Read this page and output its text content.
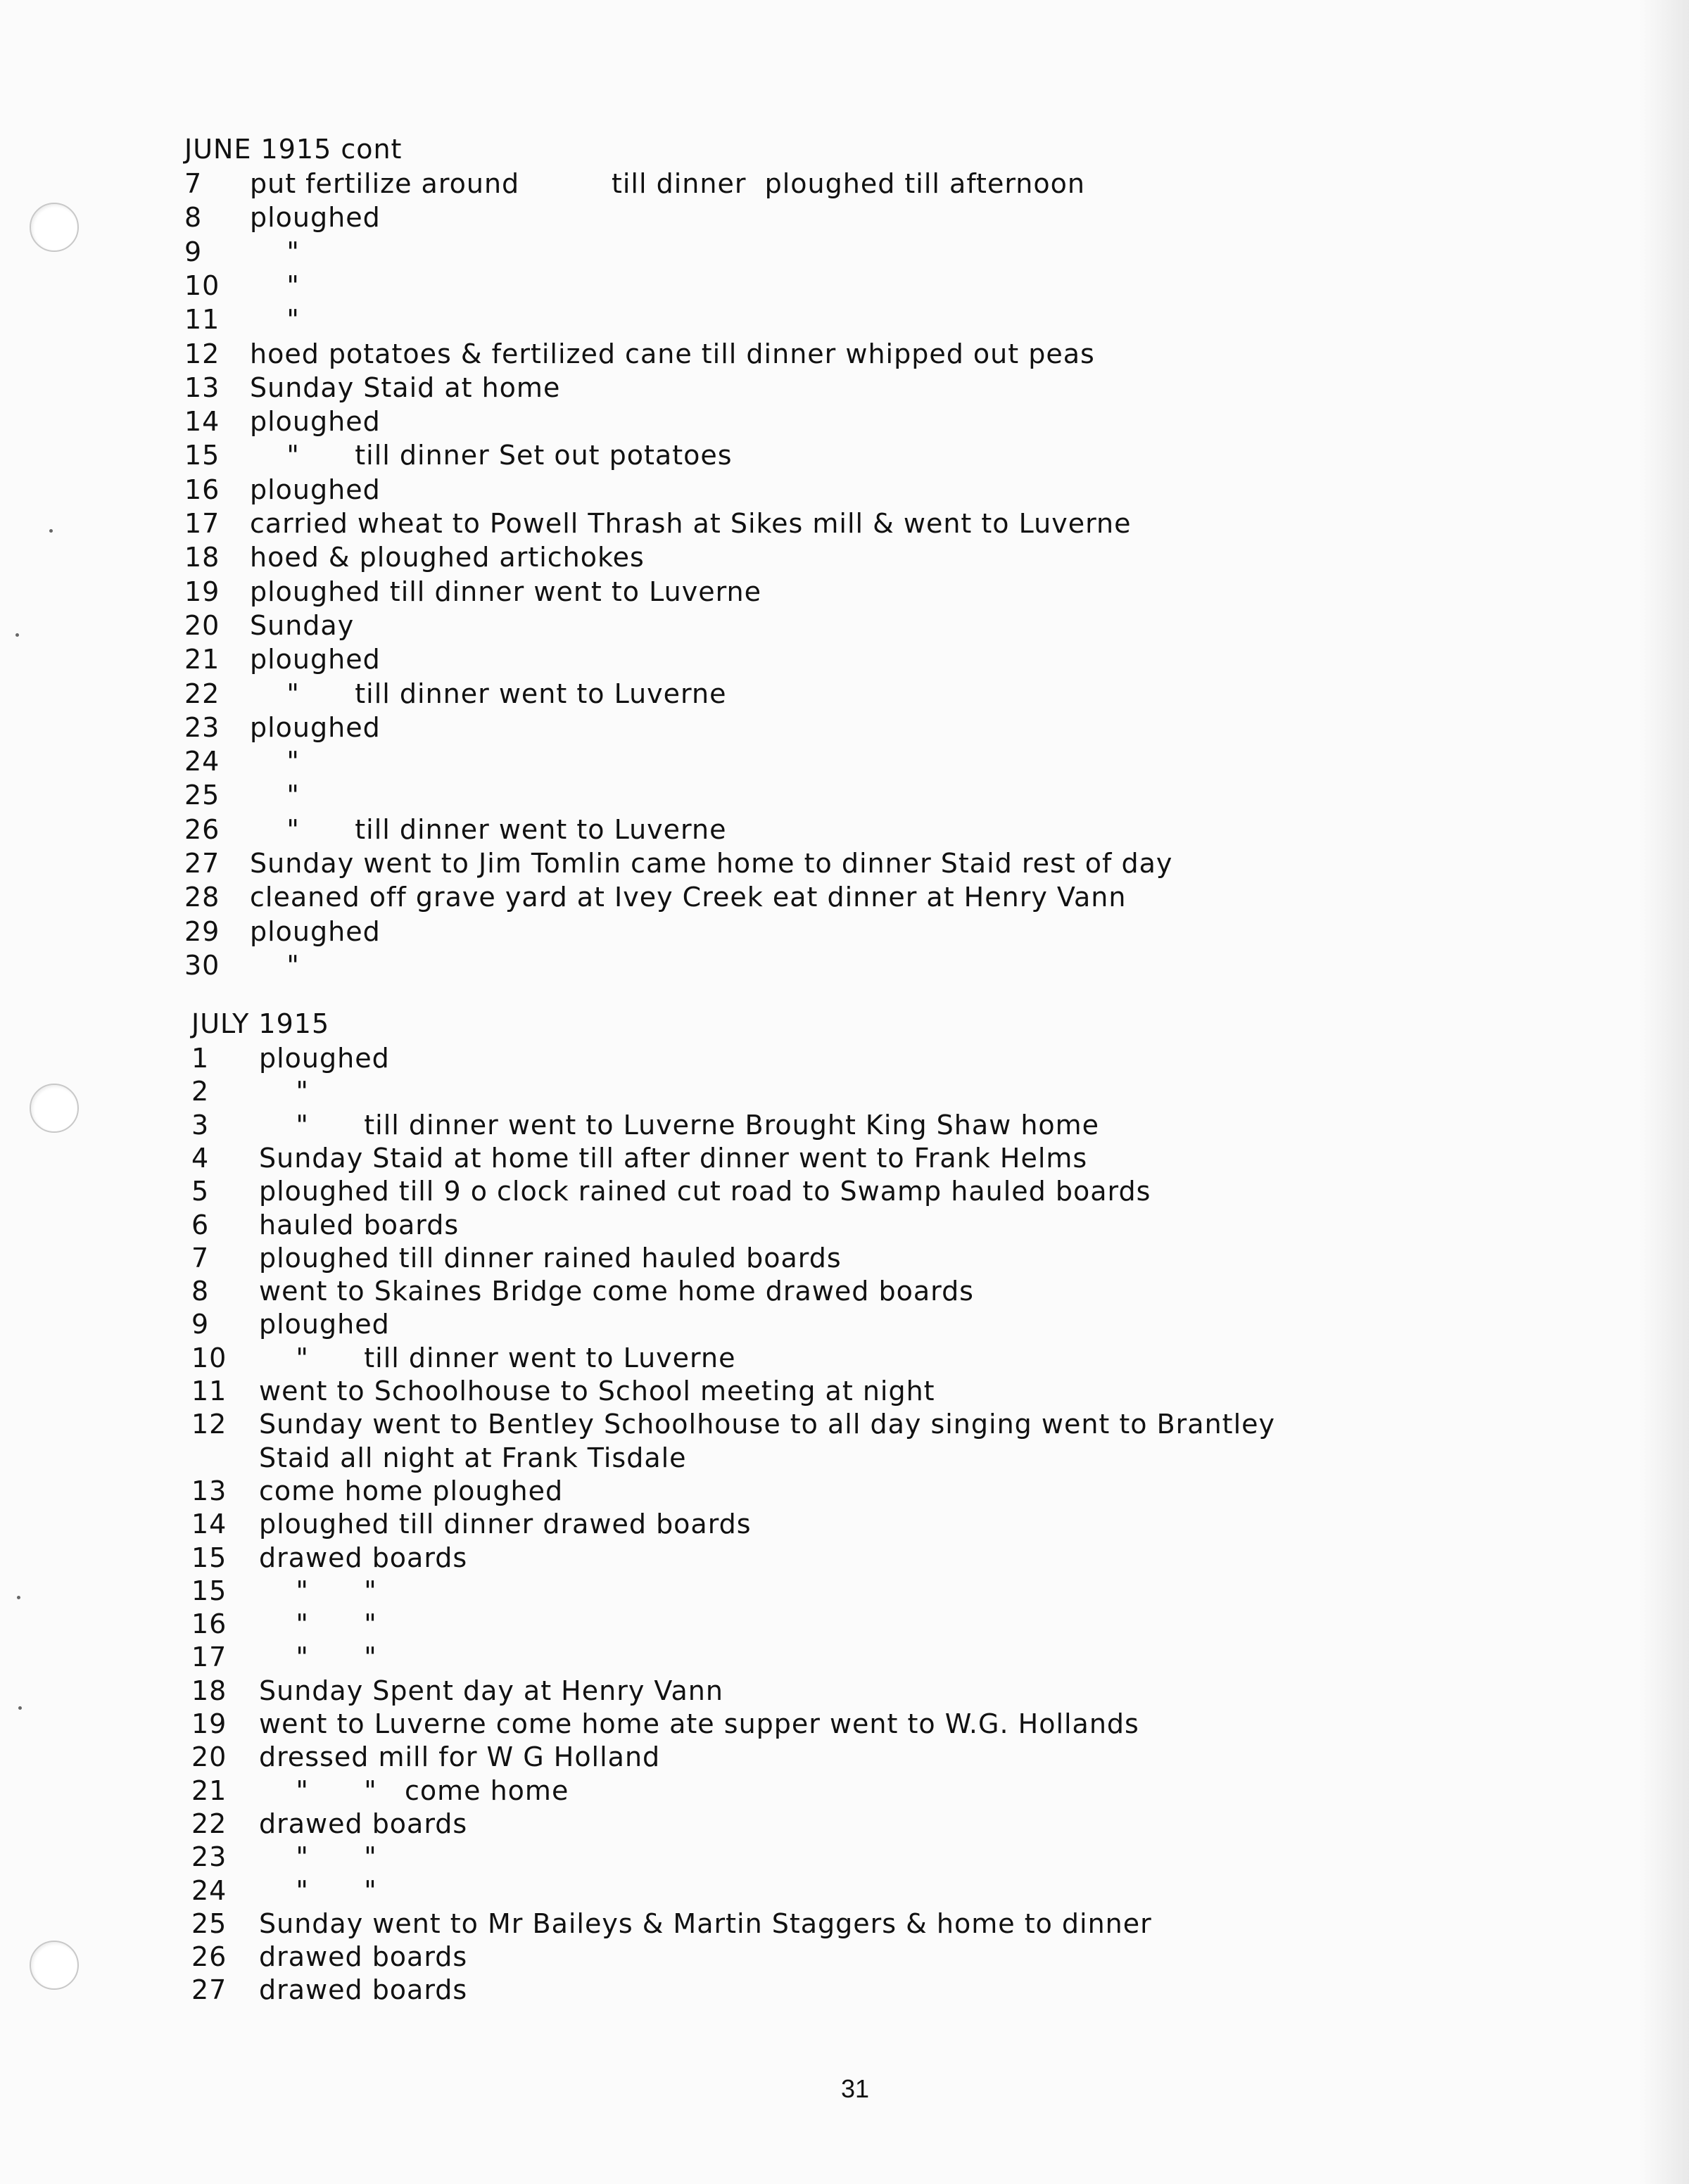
JUNE 1915 cont
7 put fertilize around          till dinner  ploughed till afternoon
8 ploughed
9 "
10 "
11 "
12 hoed potatoes & fertilized cane till dinner whipped out peas
13 Sunday Staid at home
14 ploughed
15 "      till dinner Set out potatoes
16 ploughed
17 carried wheat to Powell Thrash at Sikes mill & went to Luverne
18 hoed & ploughed artichokes
19 ploughed till dinner went to Luverne
20 Sunday
21 ploughed
22 "      till dinner went to Luverne
23 ploughed
24 "
25 "
26 "      till dinner went to Luverne
27 Sunday went to Jim Tomlin came home to dinner Staid rest of day
28 cleaned off grave yard at Ivey Creek eat dinner at Henry Vann
29 ploughed
30 "
JULY 1915
1 ploughed
2 "
3 "      till dinner went to Luverne Brought King Shaw home
4 Sunday Staid at home till after dinner went to Frank Helms
5 ploughed till 9 o clock rained cut road to Swamp hauled boards
6 hauled boards
7 ploughed till dinner rained hauled boards
8 went to Skaines Bridge come home drawed boards
9 ploughed
10 "      till dinner went to Luverne
11 went to Schoolhouse to School meeting at night
12 Sunday went to Bentley Schoolhouse to all day singing went to Brantley
Staid all night at Frank Tisdale
13 come home ploughed
14 ploughed till dinner drawed boards
15 drawed boards
15 "      "
16 "      "
17 "      "
18 Sunday Spent day at Henry Vann
19 went to Luverne come home ate supper went to W.G. Hollands
20 dressed mill for W G Holland
21 "      "   come home
22 drawed boards
23 "      "
24 "      "
25 Sunday went to Mr Baileys & Martin Staggers & home to dinner
26 drawed boards
27 drawed boards
31
